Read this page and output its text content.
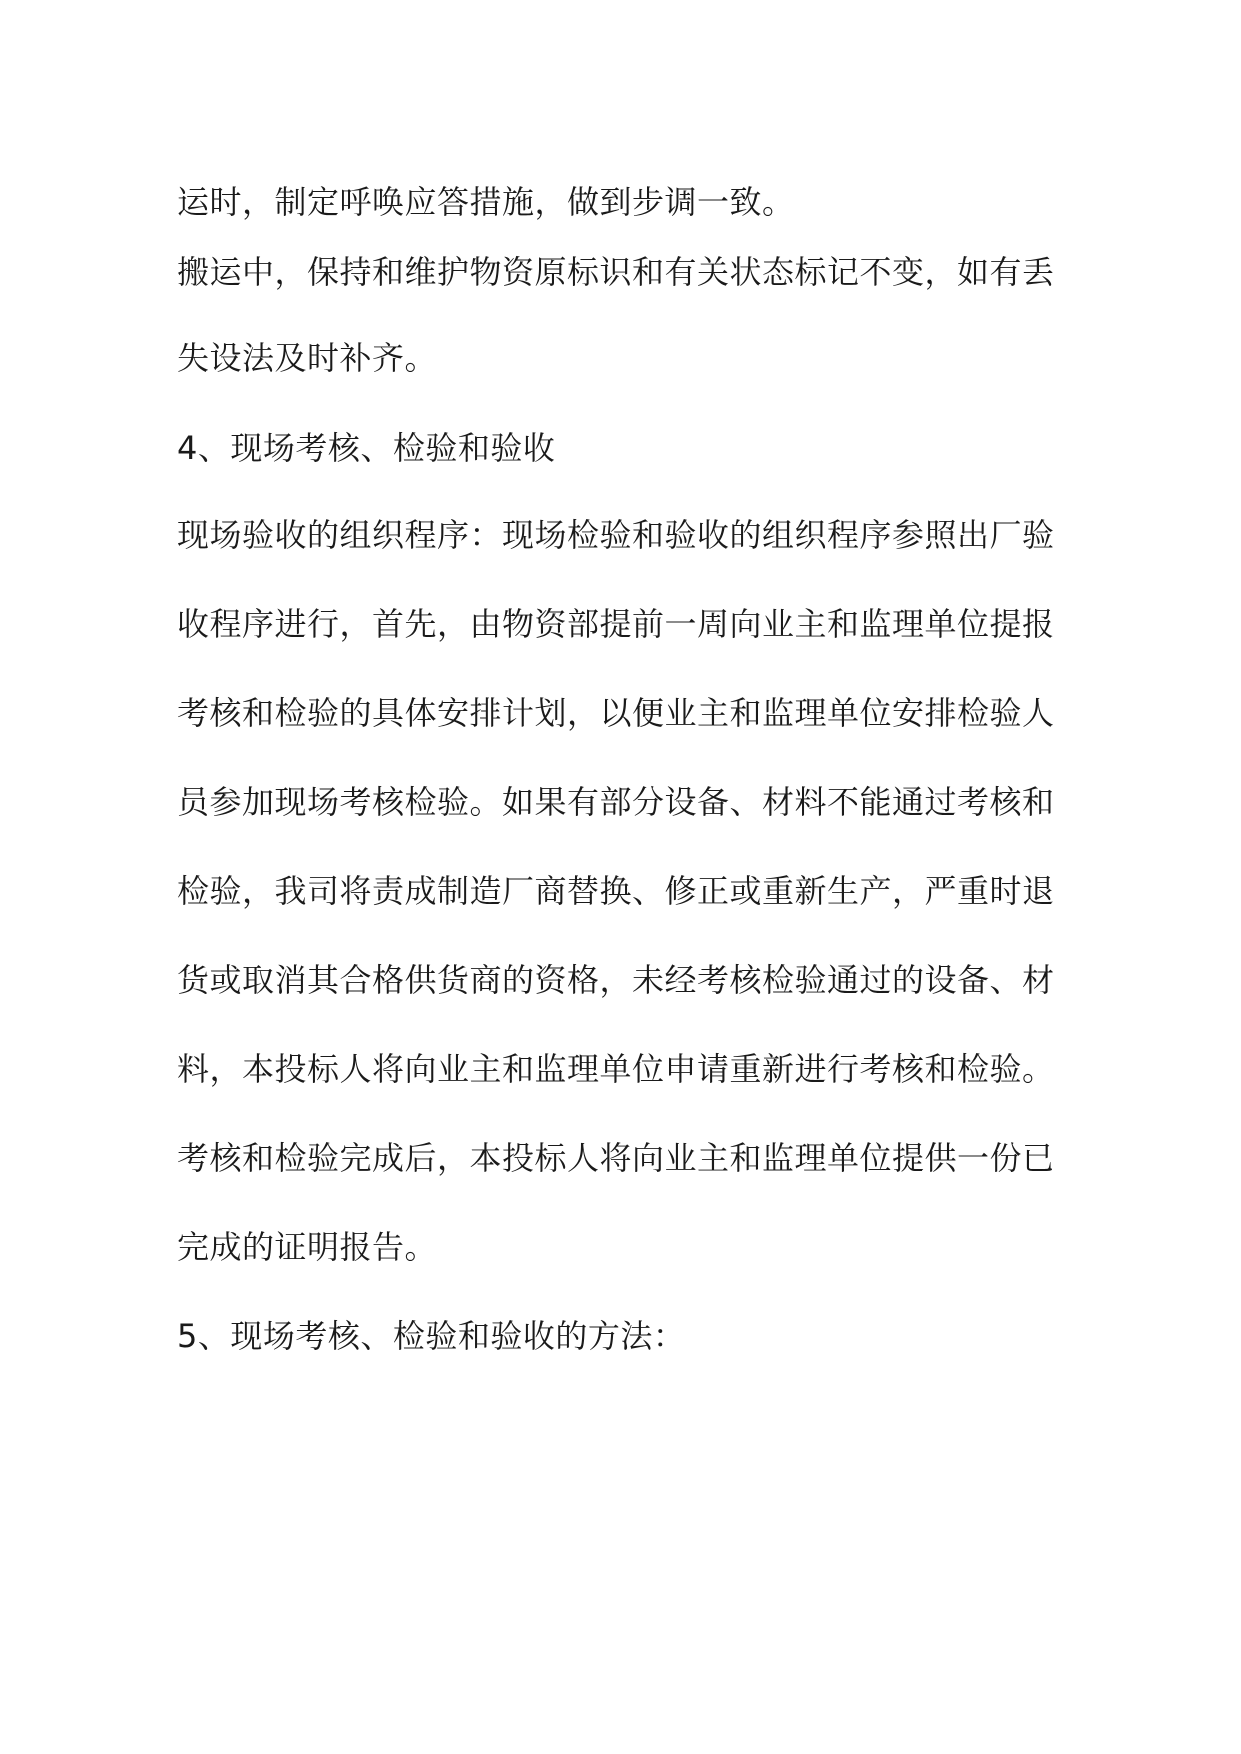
运时，制定呼唤应答措施，做到步调一致。
搬运中，保持和维护物资原标识和有关状态标记不变，如有丢
失设法及时补齐。
4、现场考核、检验和验收
现场验收的组织程序：现场检验和验收的组织程序参照出厂验
收程序进行，首先，由物资部提前一周向业主和监理单位提报
考核和检验的具体安排计划，以便业主和监理单位安排检验人
员参加现场考核检验。如果有部分设备、材料不能通过考核和
检验，我司将责成制造厂商替换、修正或重新生产，严重时退
货或取消其合格供货商的资格，未经考核检验通过的设备、材
料，本投标人将向业主和监理单位申请重新进行考核和检验。
考核和检验完成后，本投标人将向业主和监理单位提供一份已
完成的证明报告。
5、现场考核、检验和验收的方法：
